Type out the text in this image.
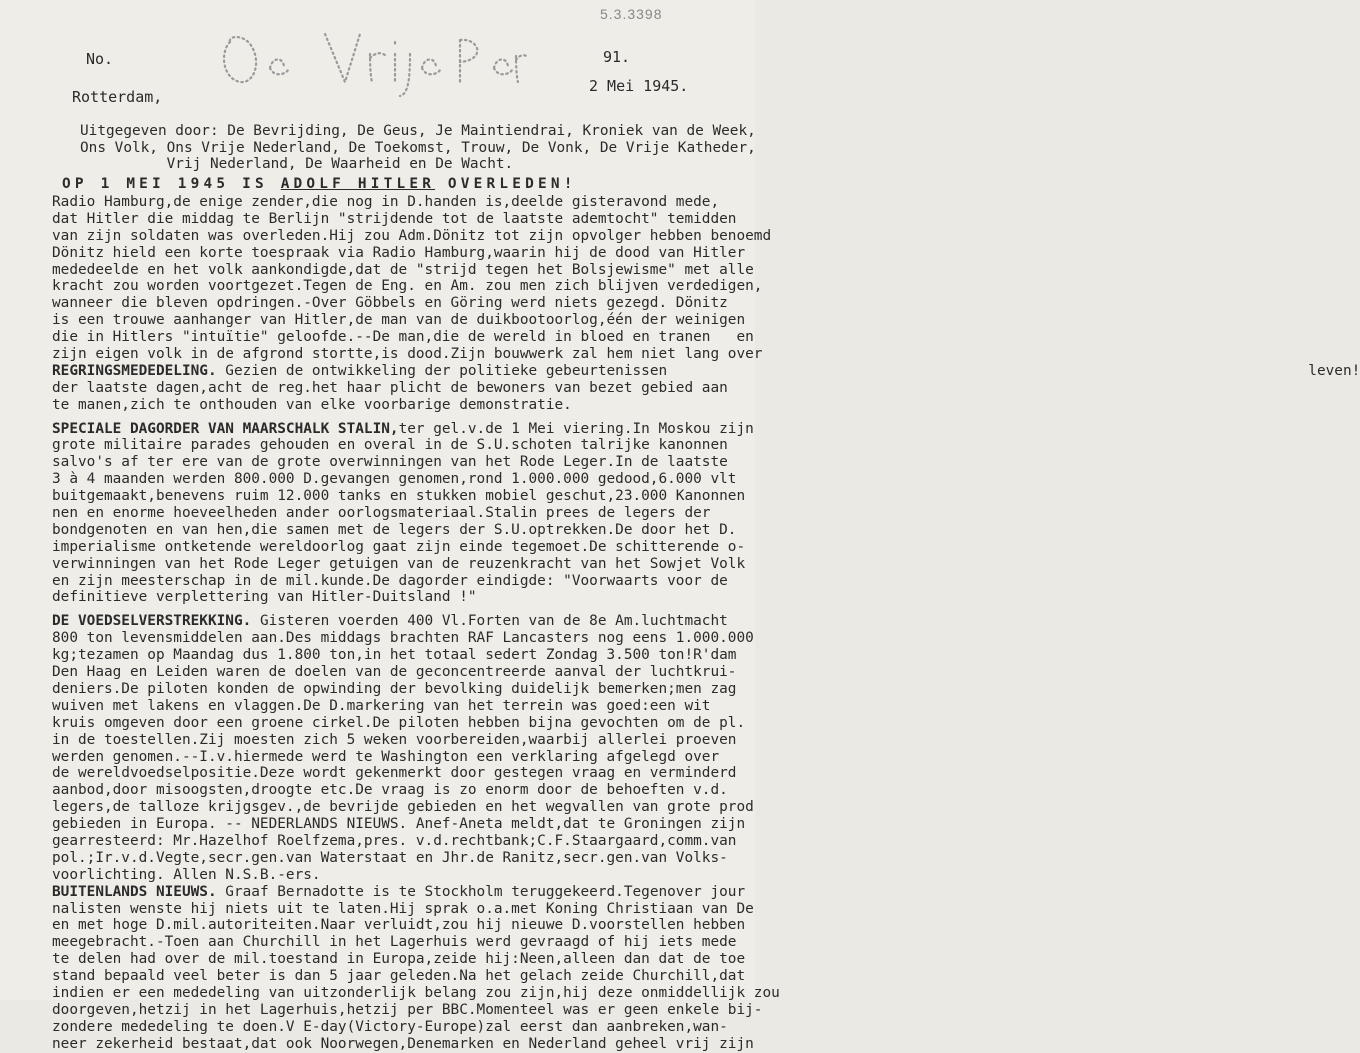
5.3.3398
No.
Rotterdam,
91.
2 Mei 1945.
Uitgegeven door: De Bevrijding, De Geus, Je Maintiendrai, Kroniek van de Week,
Ons Volk, Ons Vrije Nederland, De Toekomst, Trouw, De Vonk, De Vrije Katheder,
Vrij Nederland, De Waarheid en De Wacht.
OP 1 MEI 1945 IS ADOLF HITLER OVERLEDEN!
Radio Hamburg,de enige zender,die nog in D.handen is,deelde gisteravond mede,
dat Hitler die middag te Berlijn "strijdende tot de laatste ademtocht" temidden
van zijn soldaten was overleden.Hij zou Adm.Dönitz tot zijn opvolger hebben benoemd
Dönitz hield een korte toespraak via Radio Hamburg,waarin hij de dood van Hitler
mededeelde en het volk aankondigde,dat de "strijd tegen het Bolsjewisme" met alle
kracht zou worden voortgezet.Tegen de Eng. en Am. zou men zich blijven verdedigen,
wanneer die bleven opdringen.-Over Göbbels en Göring werd niets gezegd. Dönitz
is een trouwe aanhanger van Hitler,de man van de duikbootoorlog,één der weinigen
die in Hitlers "intuïtie" geloofde.--De man,die de wereld in bloed en tranen   en
zijn eigen volk in de afgrond stortte,is dood.Zijn bouwwerk zal hem niet lang over
REGRINGSMEDEDELING. Gezien de ontwikkeling der politieke gebeurtenissen                                                                          leven!
der laatste dagen,acht de reg.het haar plicht de bewoners van bezet gebied aan
te manen,zich te onthouden van elke voorbarige demonstratie.
SPECIALE DAGORDER VAN MAARSCHALK STALIN,ter gel.v.de 1 Mei viering.In Moskou zijn
grote militaire parades gehouden en overal in de S.U.schoten talrijke kanonnen
salvo's af ter ere van de grote overwinningen van het Rode Leger.In de laatste
3 à 4 maanden werden 800.000 D.gevangen genomen,rond 1.000.000 gedood,6.000 vlt
buitgemaakt,benevens ruim 12.000 tanks en stukken mobiel geschut,23.000 Kanonnen
nen en enorme hoeveelheden ander oorlogsmateriaal.Stalin prees de legers der
bondgenoten en van hen,die samen met de legers der S.U.optrekken.De door het D.
imperialisme ontketende wereldoorlog gaat zijn einde tegemoet.De schitterende o-
verwinningen van het Rode Leger getuigen van de reuzenkracht van het Sowjet Volk
en zijn meesterschap in de mil.kunde.De dagorder eindigde: "Voorwaarts voor de
definitieve verplettering van Hitler-Duitsland !"
DE VOEDSELVERSTREKKING. Gisteren voerden 400 Vl.Forten van de 8e Am.luchtmacht
800 ton levensmiddelen aan.Des middags brachten RAF Lancasters nog eens 1.000.000
kg;tezamen op Maandag dus 1.800 ton,in het totaal sedert Zondag 3.500 ton!R'dam
Den Haag en Leiden waren de doelen van de geconcentreerde aanval der luchtkrui-
deniers.De piloten konden de opwinding der bevolking duidelijk bemerken;men zag
wuiven met lakens en vlaggen.De D.markering van het terrein was goed:een wit
kruis omgeven door een groene cirkel.De piloten hebben bijna gevochten om de pl.
in de toestellen.Zij moesten zich 5 weken voorbereiden,waarbij allerlei proeven
werden genomen.--I.v.hiermede werd te Washington een verklaring afgelegd over
de wereldvoedselpositie.Deze wordt gekenmerkt door gestegen vraag en verminderd
aanbod,door misoogsten,droogte etc.De vraag is zo enorm door de behoeften v.d.
legers,de talloze krijgsgev.,de bevrijde gebieden en het wegvallen van grote prod
gebieden in Europa. -- NEDERLANDS NIEUWS. Anef-Aneta meldt,dat te Groningen zijn
gearresteerd: Mr.Hazelhof Roelfzema,pres. v.d.rechtbank;C.F.Staargaard,comm.van
pol.;Ir.v.d.Vegte,secr.gen.van Waterstaat en Jhr.de Ranitz,secr.gen.van Volks-
voorlichting. Allen N.S.B.-ers.
BUITENLANDS NIEUWS. Graaf Bernadotte is te Stockholm teruggekeerd.Tegenover jour
nalisten wenste hij niets uit te laten.Hij sprak o.a.met Koning Christiaan van De
en met hoge D.mil.autoriteiten.Naar verluidt,zou hij nieuwe D.voorstellen hebben
meegebracht.-Toen aan Churchill in het Lagerhuis werd gevraagd of hij iets mede
te delen had over de mil.toestand in Europa,zeide hij:Neen,alleen dan dat de toe
stand bepaald veel beter is dan 5 jaar geleden.Na het gelach zeide Churchill,dat
indien er een mededeling van uitzonderlijk belang zou zijn,hij deze onmiddellijk zou
doorgeven,hetzij in het Lagerhuis,hetzij per BBC.Momenteel was er geen enkele bij-
zondere mededeling te doen.V E-day(Victory-Europe)zal eerst dan aanbreken,wan-
neer zekerheid bestaat,dat ook Noorwegen,Denemarken en Nederland geheel vrij zijn
